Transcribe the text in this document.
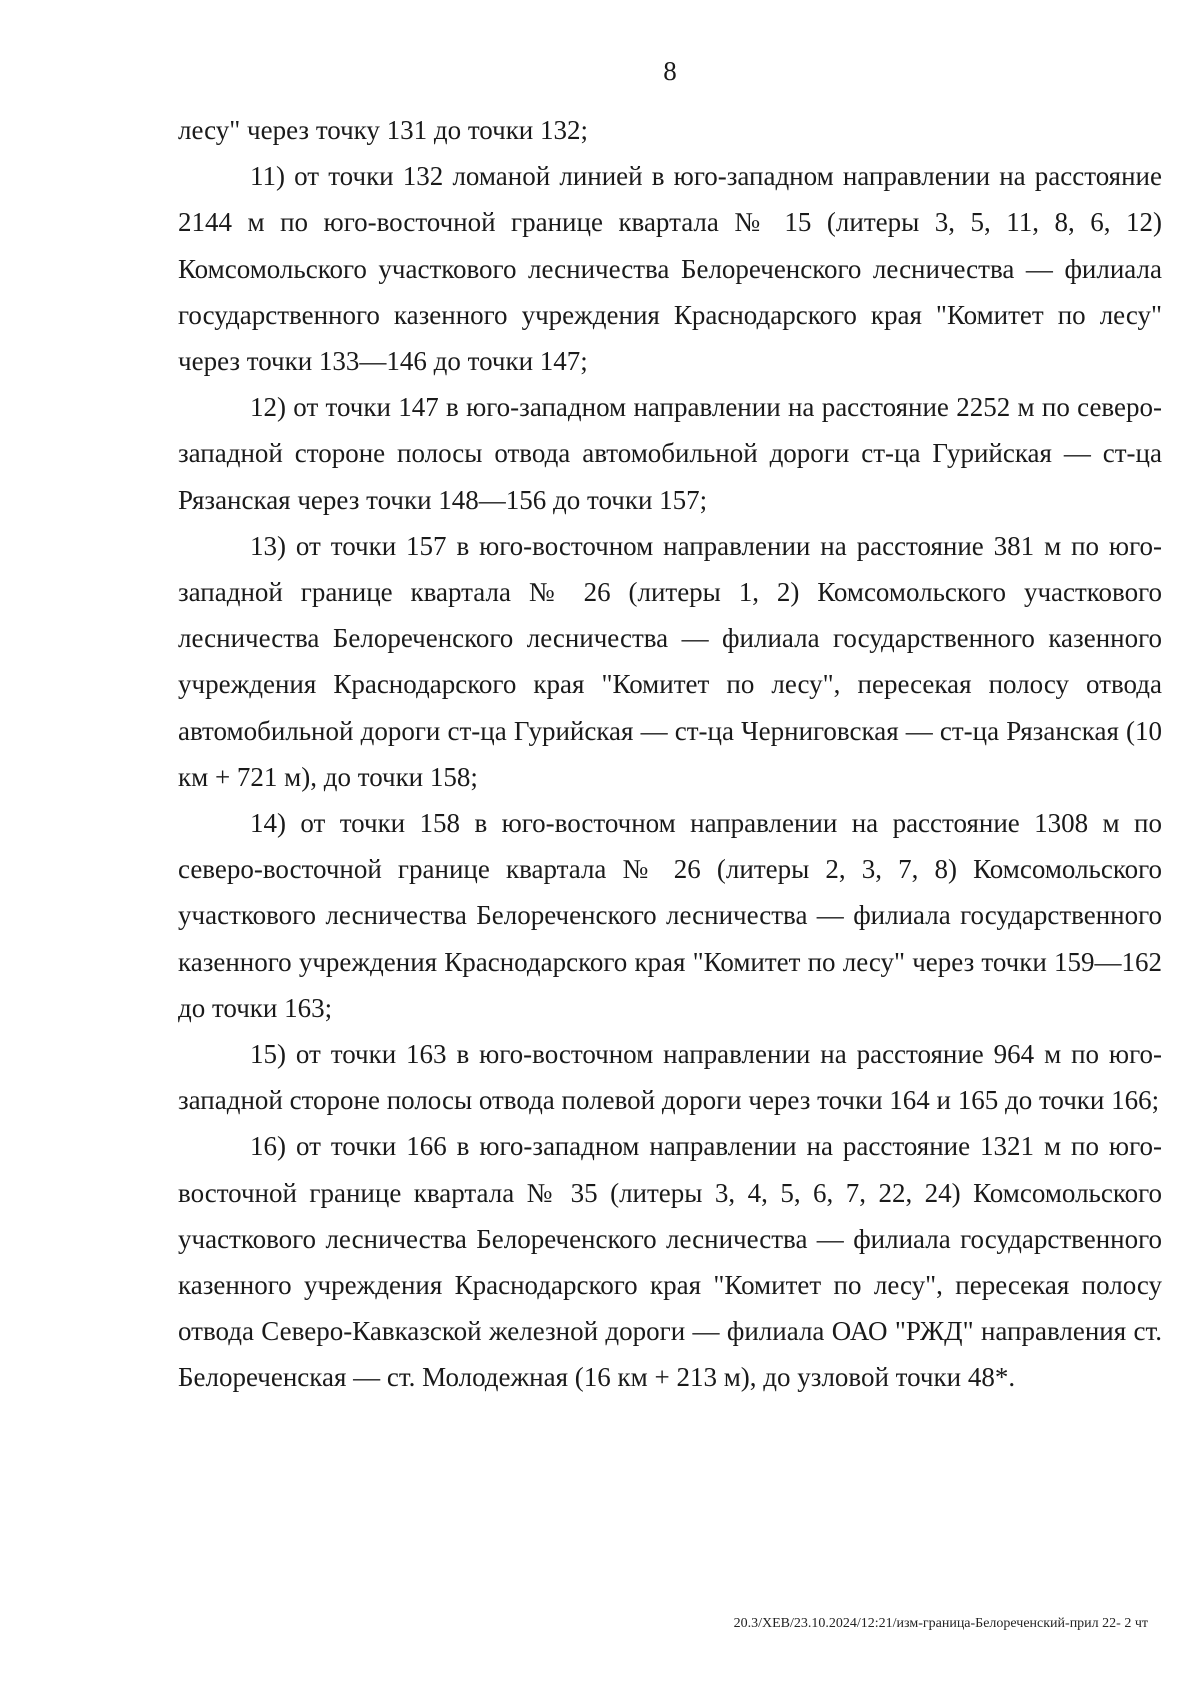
8

лесу" через точку 131 до точки 132;

11) от точки 132 ломаной линией в юго-западном направлении на расстояние 2144 м по юго-восточной границе квартала № 15 (литеры 3, 5, 11, 8, 6, 12) Комсомольского участкового лесничества Белореченского лесничества — филиала государственного казенного учреждения Краснодарского края "Комитет по лесу" через точки 133—146 до точки 147;

12) от точки 147 в юго-западном направлении на расстояние 2252 м по северо-западной стороне полосы отвода автомобильной дороги ст-ца Гурийская — ст-ца Рязанская через точки 148—156 до точки 157;

13) от точки 157 в юго-восточном направлении на расстояние 381 м по юго-западной границе квартала № 26 (литеры 1, 2) Комсомольского участкового лесничества Белореченского лесничества — филиала государственного казенного учреждения Краснодарского края "Комитет по лесу", пересекая полосу отвода автомобильной дороги ст-ца Гурийская — ст-ца Черниговская — ст-ца Рязанская (10 км + 721 м), до точки 158;

14) от точки 158 в юго-восточном направлении на расстояние 1308 м по северо-восточной границе квартала № 26 (литеры 2, 3, 7, 8) Комсомольского участкового лесничества Белореченского лесничества — филиала государственного казенного учреждения Краснодарского края "Комитет по лесу" через точки 159—162 до точки 163;

15) от точки 163 в юго-восточном направлении на расстояние 964 м по юго-западной стороне полосы отвода полевой дороги через точки 164 и 165 до точки 166;

16) от точки 166 в юго-западном направлении на расстояние 1321 м по юго-восточной границе квартала № 35 (литеры 3, 4, 5, 6, 7, 22, 24) Комсомольского участкового лесничества Белореченского лесничества — филиала государственного казенного учреждения Краснодарского края "Комитет по лесу", пересекая полосу отвода Северо-Кавказской железной дороги — филиала ОАО "РЖД" направления ст. Белореченская — ст. Молодежная (16 км + 213 м), до узловой точки 48*.

20.3/ХЕВ/23.10.2024/12:21/изм-граница-Белореченский-прил 22- 2 чт
